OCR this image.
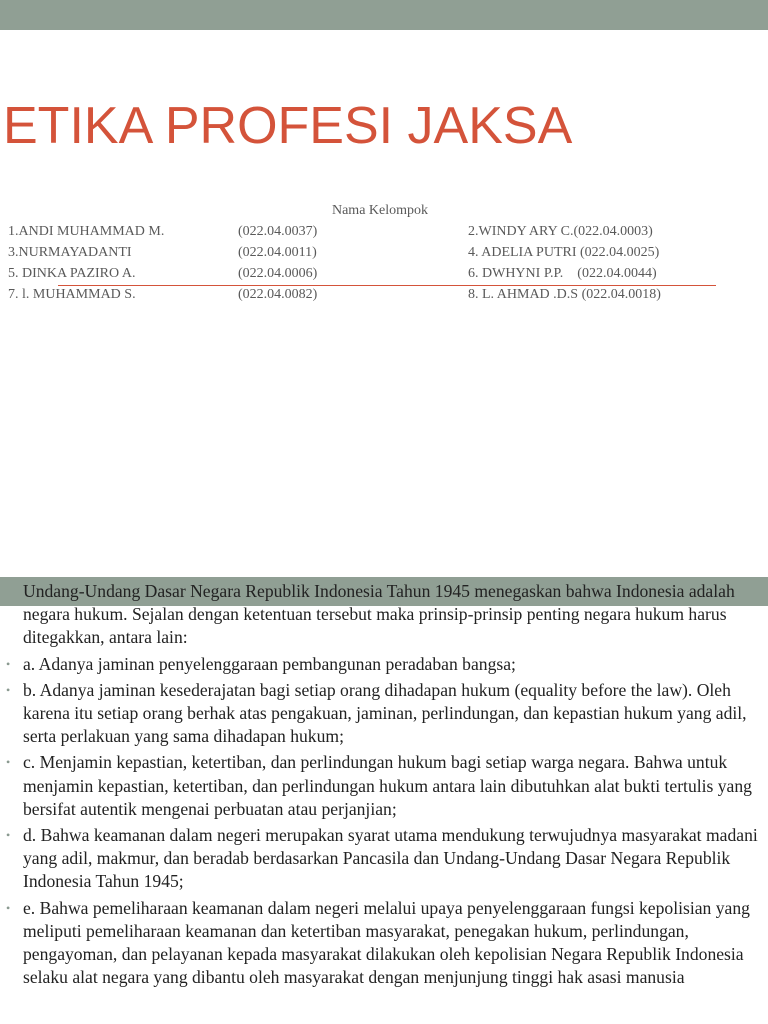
ETIKA PROFESI JAKSA
Nama Kelompok
1.ANDI MUHAMMAD M.	(022.04.0037)	2.WINDY ARY C.(022.04.0003)
3.NURMAYADANTI	(022.04.0011)	4. ADELIA PUTRI (022.04.0025)
5. DINKA PAZIRO A.	(022.04.0006)	6. DWHYNI P.P.    (022.04.0044)
7. l. MUHAMMAD S.	(022.04.0082)	8. L. AHMAD .D.S (022.04.0018)

Undang-Undang Dasar Negara Republik Indonesia Tahun 1945 menegaskan bahwa Indonesia adalah negara hukum. Sejalan dengan ketentuan tersebut maka prinsip-prinsip penting negara hukum harus ditegakkan, antara lain:

• a. Adanya jaminan penyelenggaraan pembangunan peradaban bangsa;
• b. Adanya jaminan kesederajatan bagi setiap orang dihadapan hukum (equality before the law). Oleh karena itu setiap orang berhak atas pengakuan, jaminan, perlindungan, dan kepastian hukum yang adil, serta perlakuan yang sama dihadapan hukum;
• c. Menjamin kepastian, ketertiban, dan perlindungan hukum bagi setiap warga negara. Bahwa untuk menjamin kepastian, ketertiban, dan perlindungan hukum antara lain dibutuhkan alat bukti tertulis yang bersifat autentik mengenai perbuatan atau perjanjian;
• d. Bahwa keamanan dalam negeri merupakan syarat utama mendukung terwujudnya masyarakat madani yang adil, makmur, dan beradab berdasarkan Pancasila dan Undang-Undang Dasar Negara Republik Indonesia Tahun 1945;
• e. Bahwa pemeliharaan keamanan dalam negeri melalui upaya penyelenggaraan fungsi kepolisian yang meliputi pemeliharaan keamanan dan ketertiban masyarakat, penegakan hukum, perlindungan, pengayoman, dan pelayanan kepada masyarakat dilakukan oleh kepolisian Negara Republik Indonesia selaku alat negara yang dibantu oleh masyarakat dengan menjunjung tinggi hak asasi manusia
